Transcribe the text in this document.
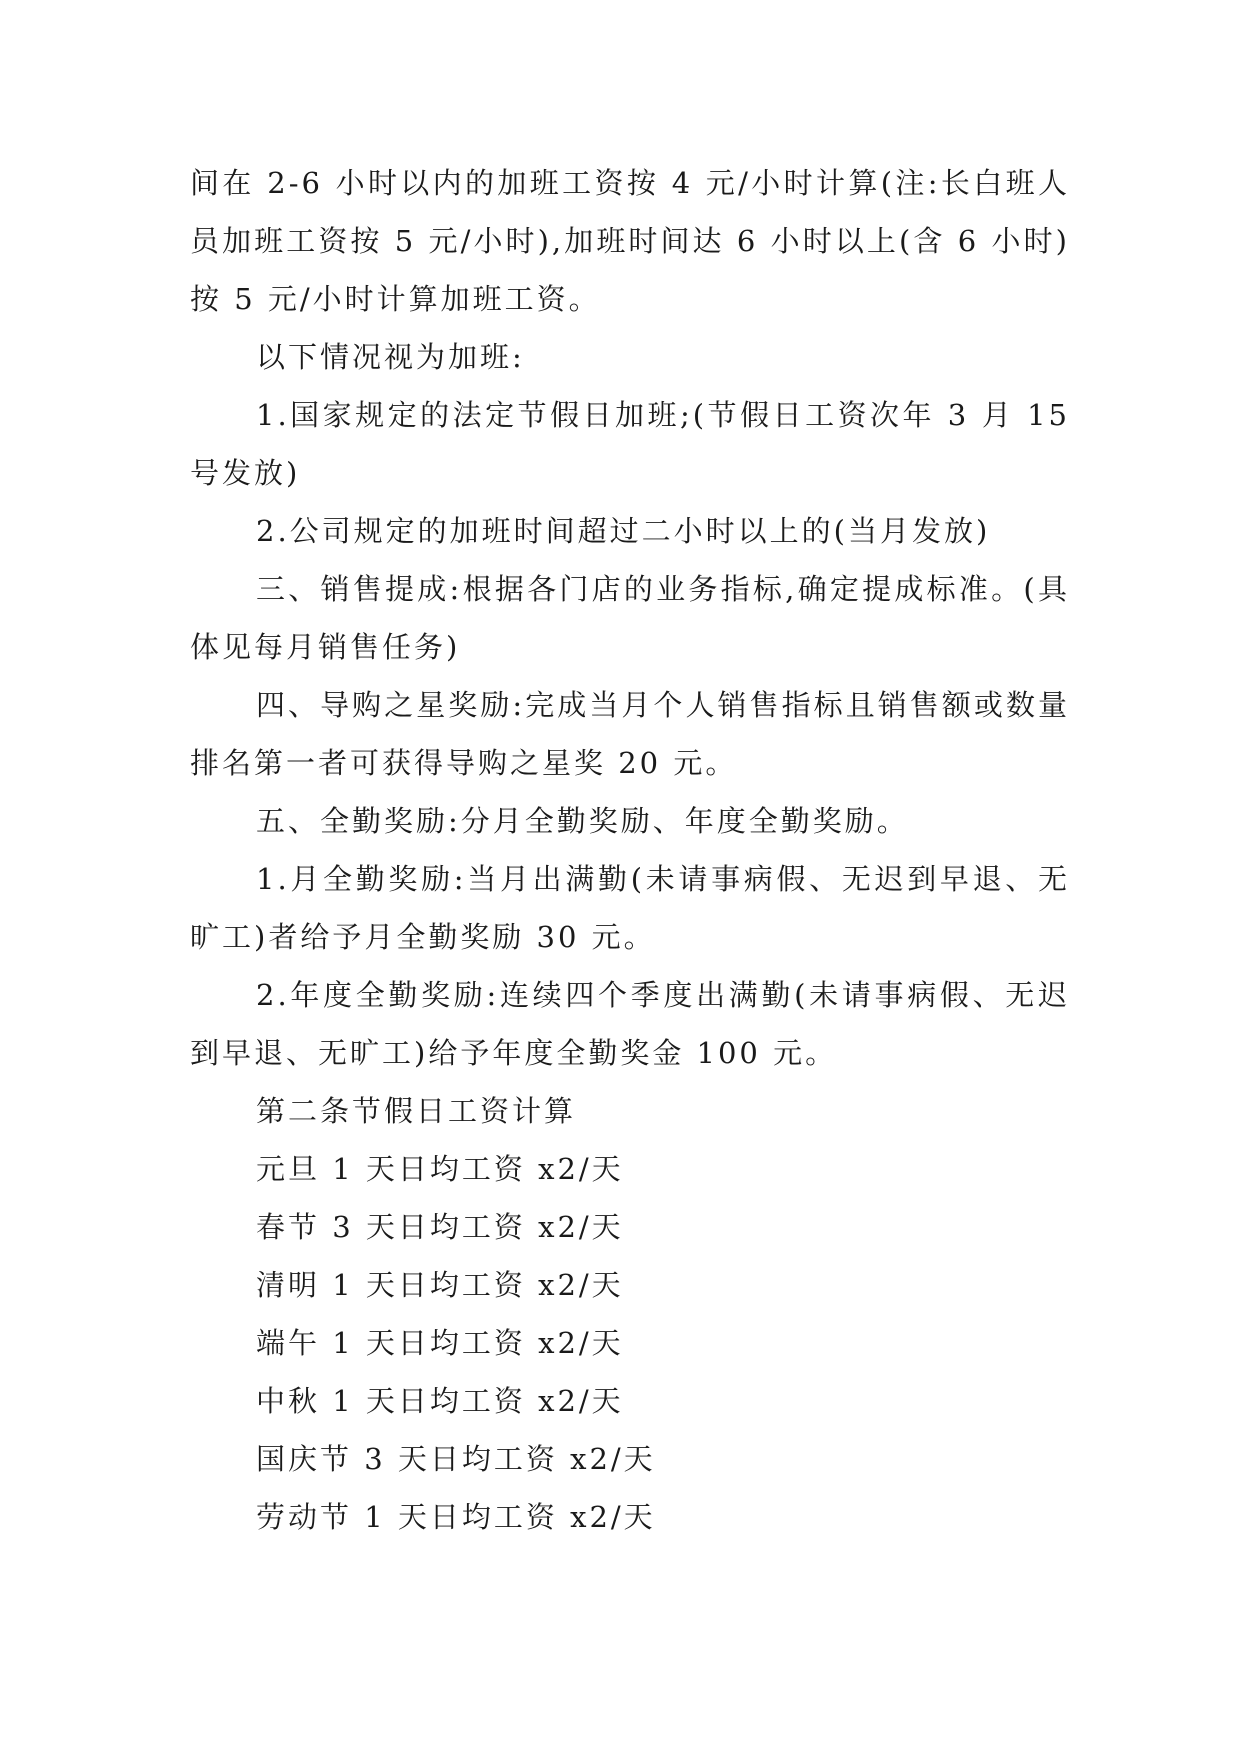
间在 2-6 小时以内的加班工资按 4 元/小时计算(注:长白班人员加班工资按 5 元/小时),加班时间达 6 小时以上(含 6 小时)按 5 元/小时计算加班工资。

以下情况视为加班:

1.国家规定的法定节假日加班;(节假日工资次年 3 月 15 号发放)

2.公司规定的加班时间超过二小时以上的(当月发放)

三、销售提成:根据各门店的业务指标,确定提成标准。(具体见每月销售任务)

四、导购之星奖励:完成当月个人销售指标且销售额或数量排名第一者可获得导购之星奖 20 元。

五、全勤奖励:分月全勤奖励、年度全勤奖励。

1.月全勤奖励:当月出满勤(未请事病假、无迟到早退、无旷工)者给予月全勤奖励 30 元。

2.年度全勤奖励:连续四个季度出满勤(未请事病假、无迟到早退、无旷工)给予年度全勤奖金 100 元。

第二条节假日工资计算

元旦 1 天日均工资 x2/天

春节 3 天日均工资 x2/天

清明 1 天日均工资 x2/天

端午 1 天日均工资 x2/天

中秋 1 天日均工资 x2/天

国庆节 3 天日均工资 x2/天

劳动节 1 天日均工资 x2/天
